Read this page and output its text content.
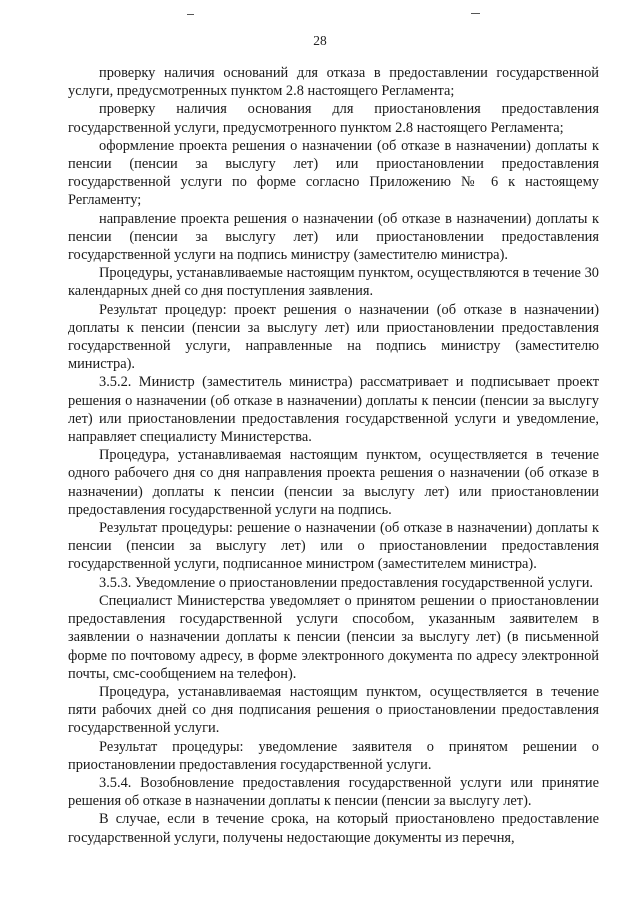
28

проверку наличия оснований для отказа в предоставлении государственной услуги, предусмотренных пунктом 2.8 настоящего Регламента;

проверку наличия основания для приостановления предоставления государственной услуги, предусмотренного пунктом 2.8 настоящего Регламента;

оформление проекта решения о назначении (об отказе в назначении) доплаты к пенсии (пенсии за выслугу лет) или приостановлении предоставления государственной услуги по форме согласно Приложению № 6 к настоящему Регламенту;

направление проекта решения о назначении (об отказе в назначении) доплаты к пенсии (пенсии за выслугу лет) или приостановлении предоставления государственной услуги на подпись министру (заместителю министра).

Процедуры, устанавливаемые настоящим пунктом, осуществляются в течение 30 календарных дней со дня поступления заявления.

Результат процедур: проект решения о назначении (об отказе в назначении) доплаты к пенсии (пенсии за выслугу лет) или приостановлении предоставления государственной услуги, направленные на подпись министру (заместителю министра).

3.5.2. Министр (заместитель министра) рассматривает и подписывает проект решения о назначении (об отказе в назначении) доплаты к пенсии (пенсии за выслугу лет) или приостановлении предоставления государственной услуги и уведомление, направляет специалисту Министерства.

Процедура, устанавливаемая настоящим пунктом, осуществляется в течение одного рабочего дня со дня направления проекта решения о назначении (об отказе в назначении) доплаты к пенсии (пенсии за выслугу лет) или приостановлении предоставления государственной услуги на подпись.

Результат процедуры: решение о назначении (об отказе в назначении) доплаты к пенсии (пенсии за выслугу лет) или о приостановлении предоставления государственной услуги, подписанное министром (заместителем министра).

3.5.3. Уведомление о приостановлении предоставления государственной услуги.

Специалист Министерства уведомляет о принятом решении о приостановлении предоставления государственной услуги способом, указанным заявителем в заявлении о назначении доплаты к пенсии (пенсии за выслугу лет) (в письменной форме по почтовому адресу, в форме электронного документа по адресу электронной почты, смс-сообщением на телефон).

Процедура, устанавливаемая настоящим пунктом, осуществляется в течение пяти рабочих дней со дня подписания решения о приостановлении предоставления государственной услуги.

Результат процедуры: уведомление заявителя о принятом решении о приостановлении предоставления государственной услуги.

3.5.4. Возобновление предоставления государственной услуги или принятие решения об отказе в назначении доплаты к пенсии (пенсии за выслугу лет).

В случае, если в течение срока, на который приостановлено предоставление государственной услуги, получены недостающие документы из перечня,
